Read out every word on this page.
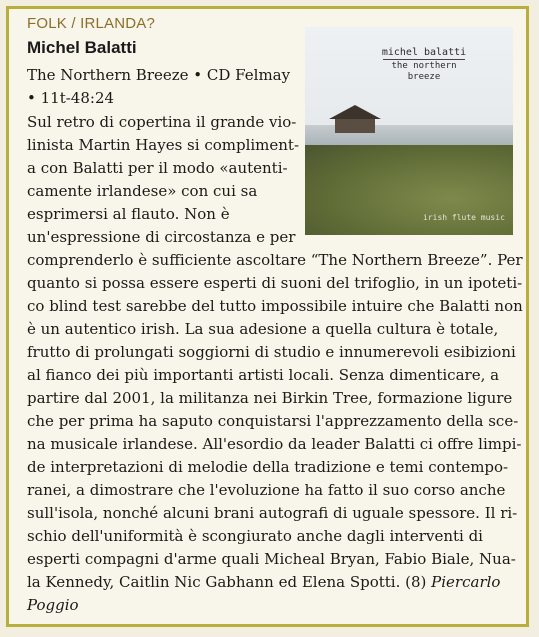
FOLK / IRLANDA?
Michel Balatti
The Northern Breeze • CD Felmay
• 11t-48:24
michel balatti
the northern breeze
irish flute music
Sul retro di copertina il grande vio-
linista Martin Hayes si compliment-
a con Balatti per il modo «autenti-
camente irlandese» con cui sa
esprimersi al flauto. Non è
un'espressione di circostanza e per
comprenderlo è sufficiente ascoltare “The Northern Breeze”. Per
quanto si possa essere esperti di suoni del trifoglio, in un ipoteti-
co blind test sarebbe del tutto impossibile intuire che Balatti non
è un autentico irish. La sua adesione a quella cultura è totale,
frutto di prolungati soggiorni di studio e innumerevoli esibizioni
al fianco dei più importanti artisti locali. Senza dimenticare, a
partire dal 2001, la militanza nei Birkin Tree, formazione ligure
che per prima ha saputo conquistarsi l'apprezzamento della sce-
na musicale irlandese. All'esordio da leader Balatti ci offre limpi-
de interpretazioni di melodie della tradizione e temi contempo-
ranei, a dimostrare che l'evoluzione ha fatto il suo corso anche
sull'isola, nonché alcuni brani autografi di uguale spessore. Il ri-
schio dell'uniformità è scongiurato anche dagli interventi di
esperti compagni d'arme quali Micheal Bryan, Fabio Biale, Nua-
la Kennedy, Caitlin Nic Gabhann ed Elena Spotti. (8) Piercarlo
Poggio
